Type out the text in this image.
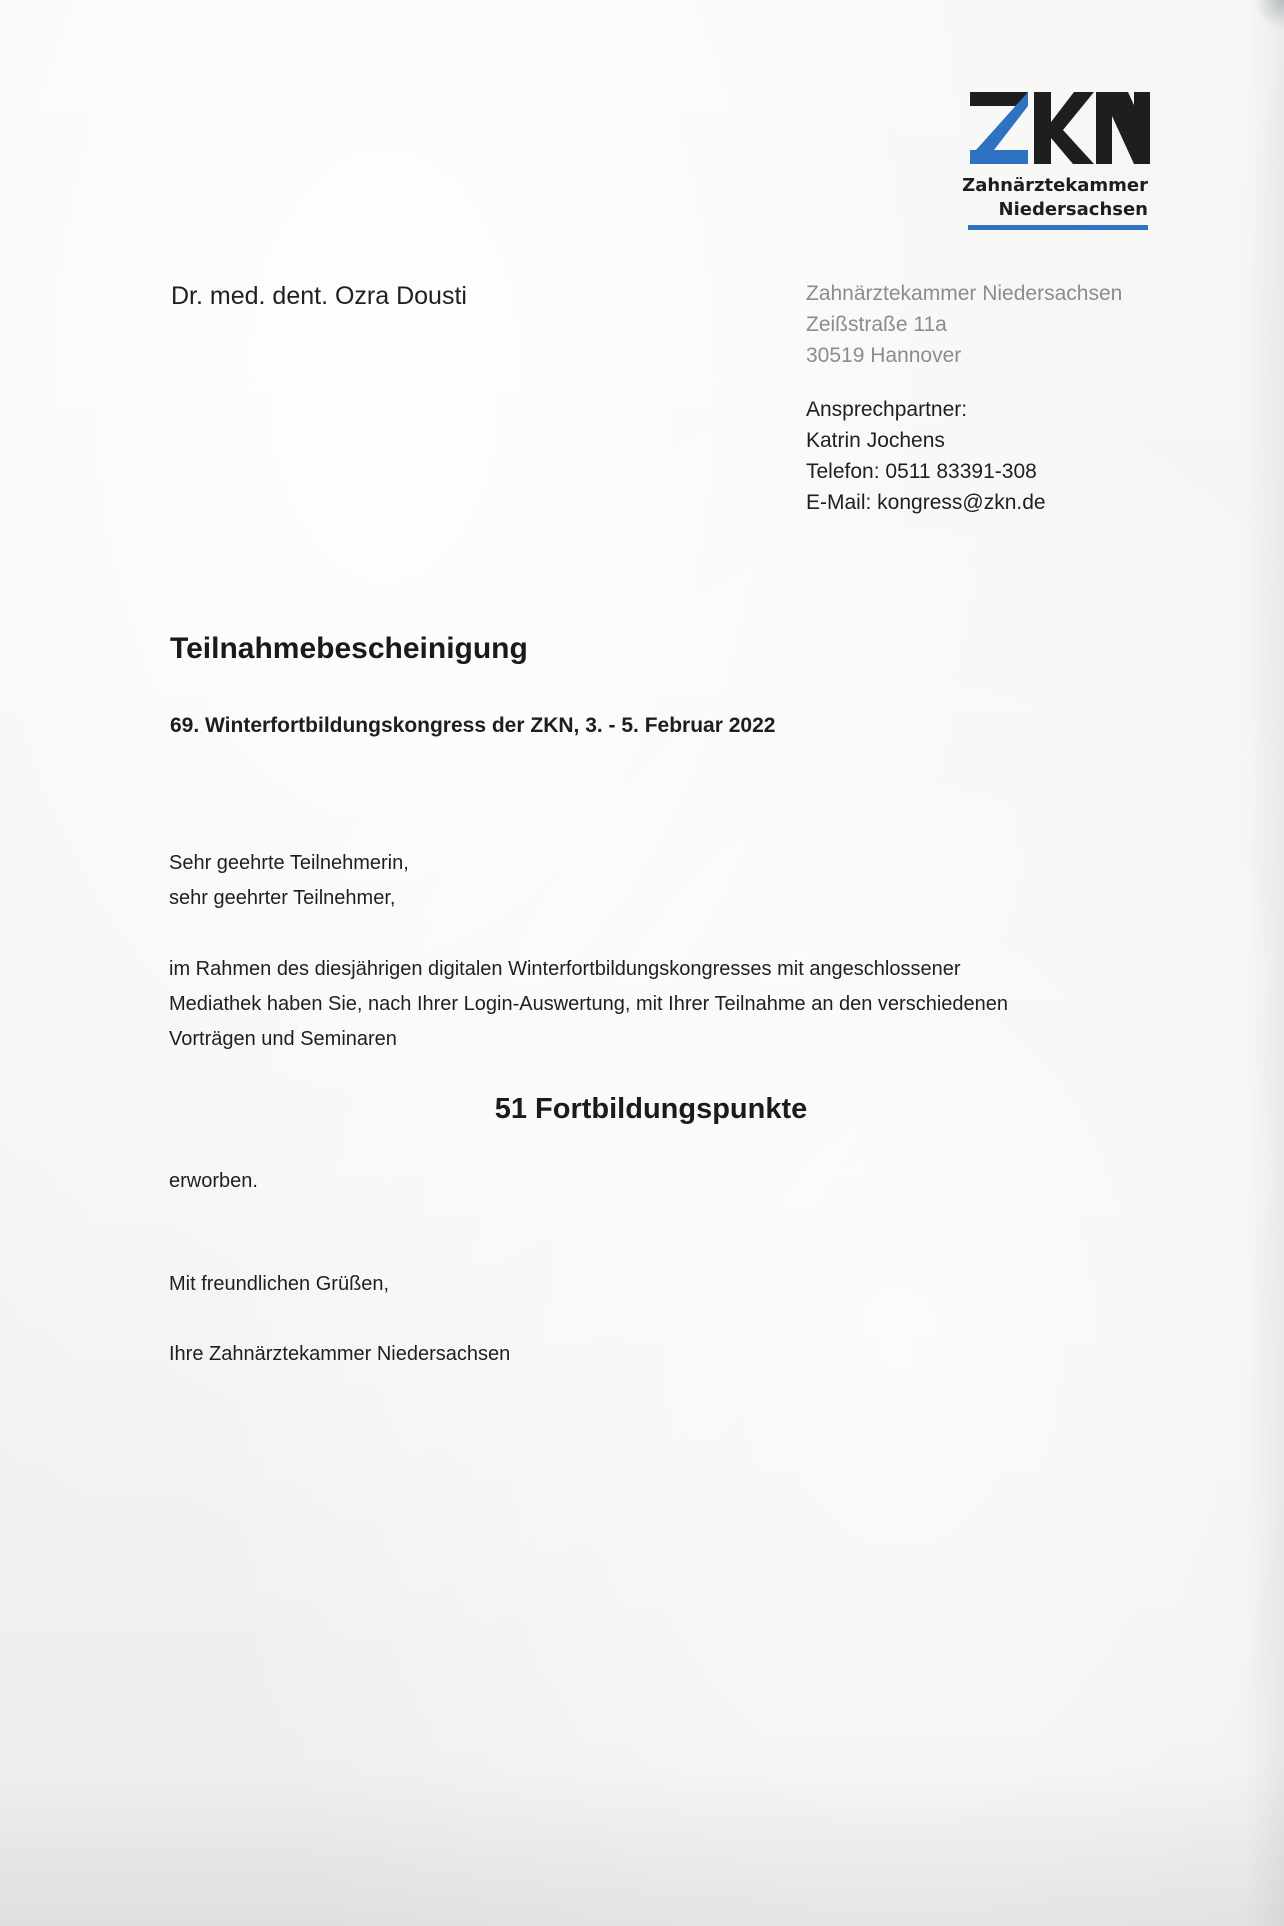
Zahnärztekammer
Niedersachsen
Dr. med. dent. Ozra Dousti	Zahnärztekammer Niedersachsen
Zeißstraße 11a
30519 Hannover
Ansprechpartner:
Katrin Jochens
Telefon: 0511 83391-308
E-Mail: kongress@zkn.de
Teilnahmebescheinigung
69. Winterfortbildungskongress der ZKN, 3. - 5. Februar 2022
Sehr geehrte Teilnehmerin,
sehr geehrter Teilnehmer,
im Rahmen des diesjährigen digitalen Winterfortbildungskongresses mit angeschlossener
Mediathek haben Sie, nach Ihrer Login-Auswertung, mit Ihrer Teilnahme an den verschiedenen
Vorträgen und Seminaren
51 Fortbildungspunkte
erworben.
Mit freundlichen Grüßen,
Ihre Zahnärztekammer Niedersachsen
